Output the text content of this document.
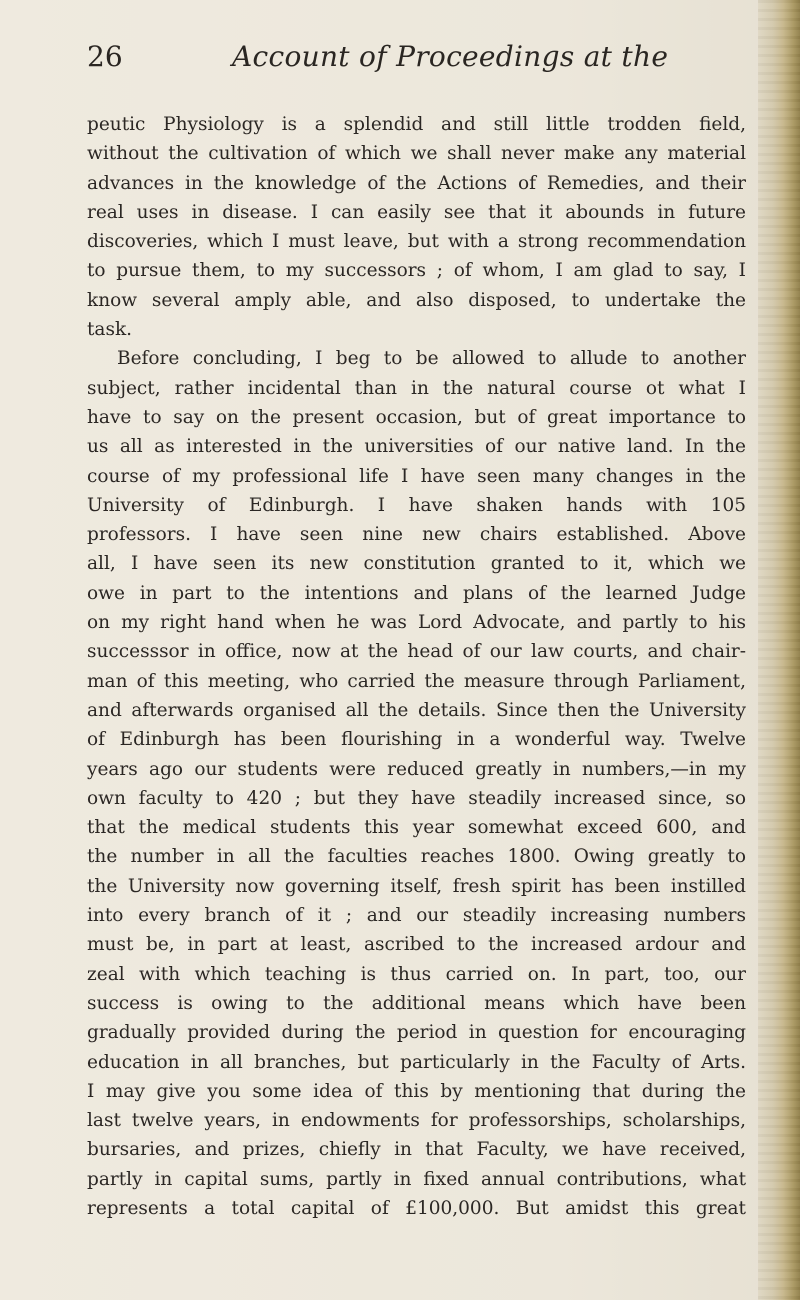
26	Account of Proceedings at the
peutic Physiology is a splendid and still little trodden field,
without the cultivation of which we shall never make any material
advances in the knowledge of the Actions of Remedies, and their
real uses in disease. I can easily see that it abounds in future
discoveries, which I must leave, but with a strong recommendation
to pursue them, to my successors ; of whom, I am glad to say, I
know several amply able, and also disposed, to undertake the
task.
Before concluding, I beg to be allowed to allude to another
subject, rather incidental than in the natural course ot what I
have to say on the present occasion, but of great importance to
us all as interested in the universities of our native land. In the
course of my professional life I have seen many changes in the
University of Edinburgh. I have shaken hands with 105
professors. I have seen nine new chairs established. Above
all, I have seen its new constitution granted to it, which we
owe in part to the intentions and plans of the learned Judge
on my right hand when he was Lord Advocate, and partly to his
successsor in office, now at the head of our law courts, and chair-
man of this meeting, who carried the measure through Parliament,
and afterwards organised all the details. Since then the University
of Edinburgh has been flourishing in a wonderful way. Twelve
years ago our students were reduced greatly in numbers,—in my
own faculty to 420 ; but they have steadily increased since, so
that the medical students this year somewhat exceed 600, and
the number in all the faculties reaches 1800. Owing greatly to
the University now governing itself, fresh spirit has been instilled
into every branch of it ; and our steadily increasing numbers
must be, in part at least, ascribed to the increased ardour and
zeal with which teaching is thus carried on. In part, too, our
success is owing to the additional means which have been
gradually provided during the period in question for encouraging
education in all branches, but particularly in the Faculty of Arts.
I may give you some idea of this by mentioning that during the
last twelve years, in endowments for professorships, scholarships,
bursaries, and prizes, chiefly in that Faculty, we have received,
partly in capital sums, partly in fixed annual contributions, what
represents a total capital of £100,000. But amidst this great
